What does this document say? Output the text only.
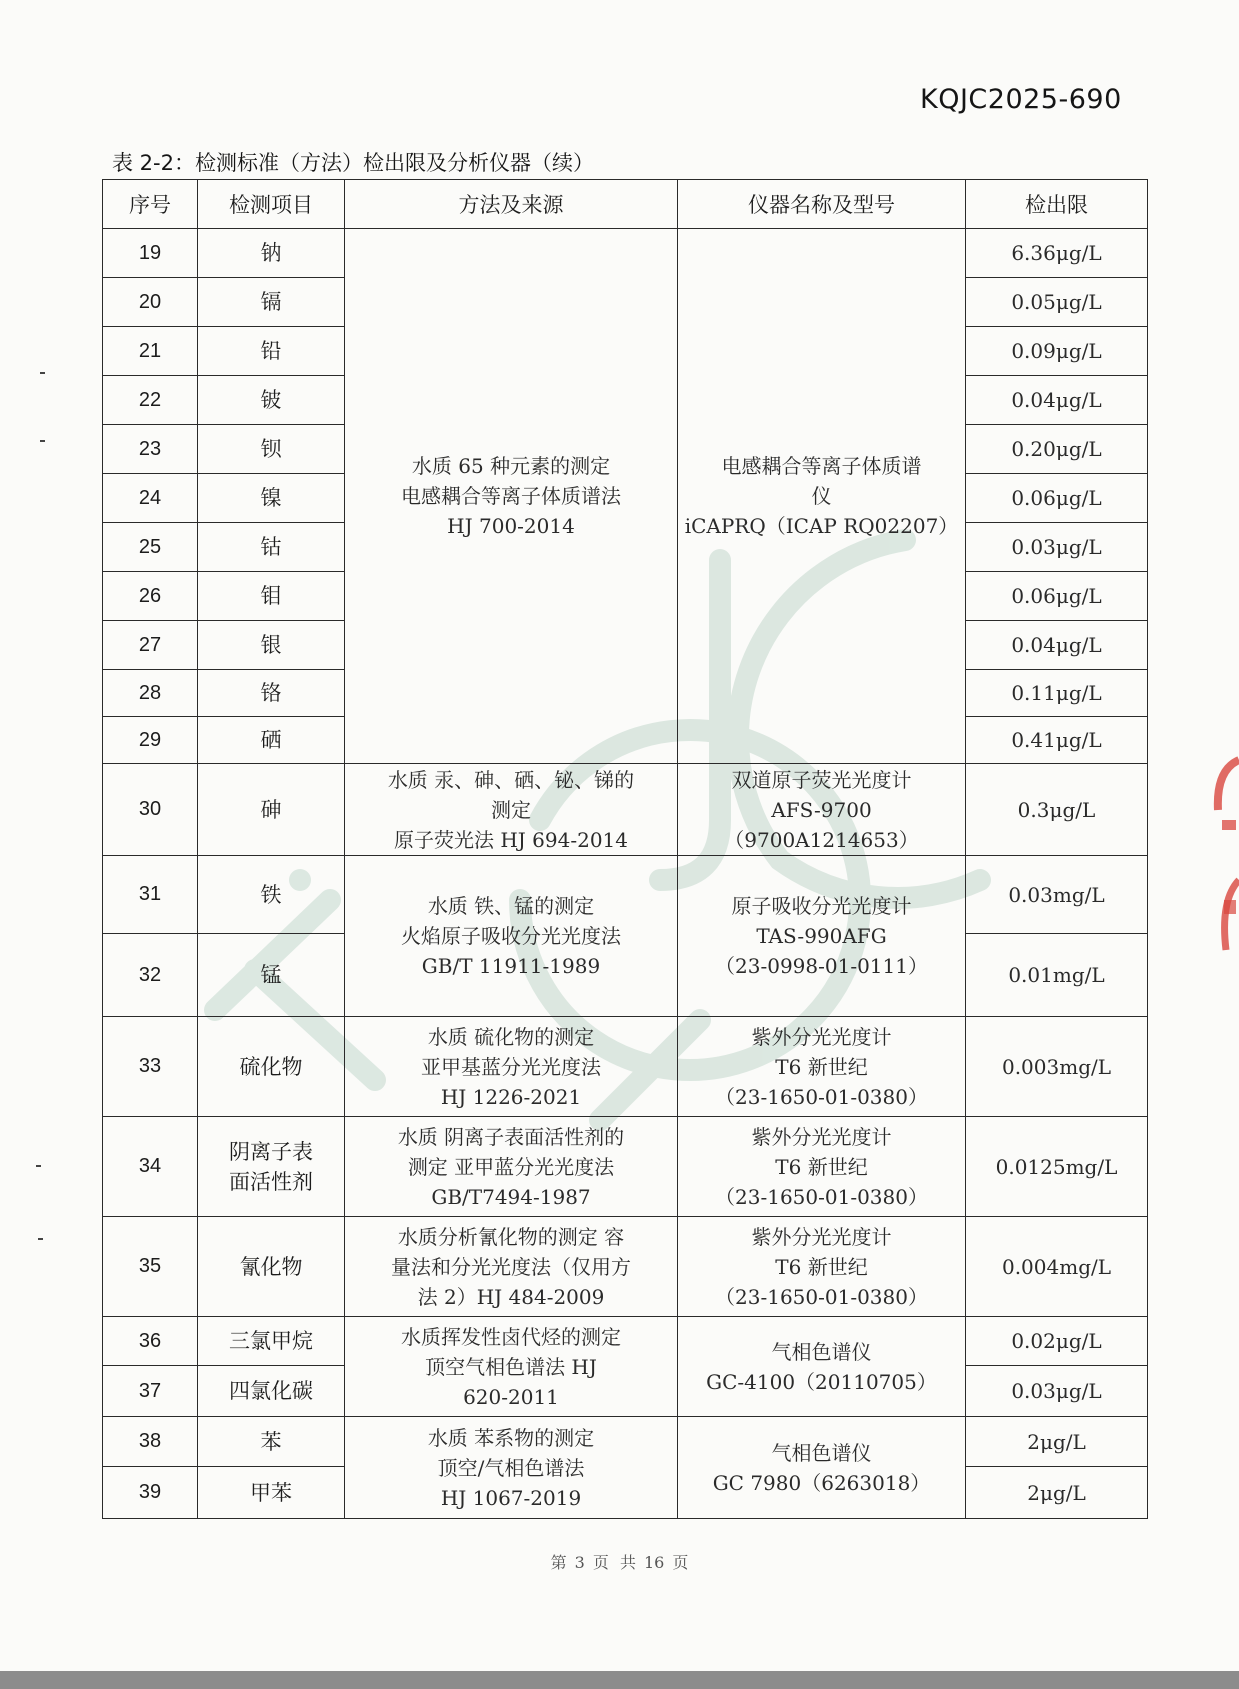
KQJC2025-690
表 2-2：检测标准（方法）检出限及分析仪器（续）
序号	检测项目	方法及来源	仪器名称及型号	检出限
19	钠	水质 65 种元素的测定
电感耦合等离子体质谱法
HJ 700-2014	电感耦合等离子体质谱
仪
iCAPRQ（ICAP RQ02207）	6.36μg/L
20	镉			0.05μg/L
21	铅			0.09μg/L
22	铍			0.04μg/L
23	钡			0.20μg/L
24	镍			0.06μg/L
25	钴			0.03μg/L
26	钼			0.06μg/L
27	银			0.04μg/L
28	铬			0.11μg/L
29	硒			0.41μg/L
30	砷	水质 汞、砷、硒、铋、锑的
测定
原子荧光法 HJ 694-2014	双道原子荧光光度计
AFS-9700
（9700A1214653）	0.3μg/L
31	铁	水质 铁、锰的测定
火焰原子吸收分光光度法
GB/T 11911-1989	原子吸收分光光度计
TAS-990AFG
（23-0998-01-0111）	0.03mg/L
32	锰			0.01mg/L
33	硫化物	水质 硫化物的测定
亚甲基蓝分光光度法
HJ 1226-2021	紫外分光光度计
T6 新世纪
（23-1650-01-0380）	0.003mg/L
34	阴离子表
面活性剂	水质 阴离子表面活性剂的
测定 亚甲蓝分光光度法
GB/T7494-1987	紫外分光光度计
T6 新世纪
（23-1650-01-0380）	0.0125mg/L
35	氰化物	水质分析氰化物的测定 容
量法和分光光度法（仅用方
法 2）HJ 484-2009	紫外分光光度计
T6 新世纪
（23-1650-01-0380）	0.004mg/L
36	三氯甲烷	水质挥发性卤代烃的测定
顶空气相色谱法 HJ
620-2011	气相色谱仪
GC-4100（20110705）	0.02μg/L
37	四氯化碳			0.03μg/L
38	苯	水质 苯系物的测定
顶空/气相色谱法
HJ 1067-2019	气相色谱仪
GC 7980（6263018）	2μg/L
39	甲苯			2μg/L
第 3 页 共 16 页
